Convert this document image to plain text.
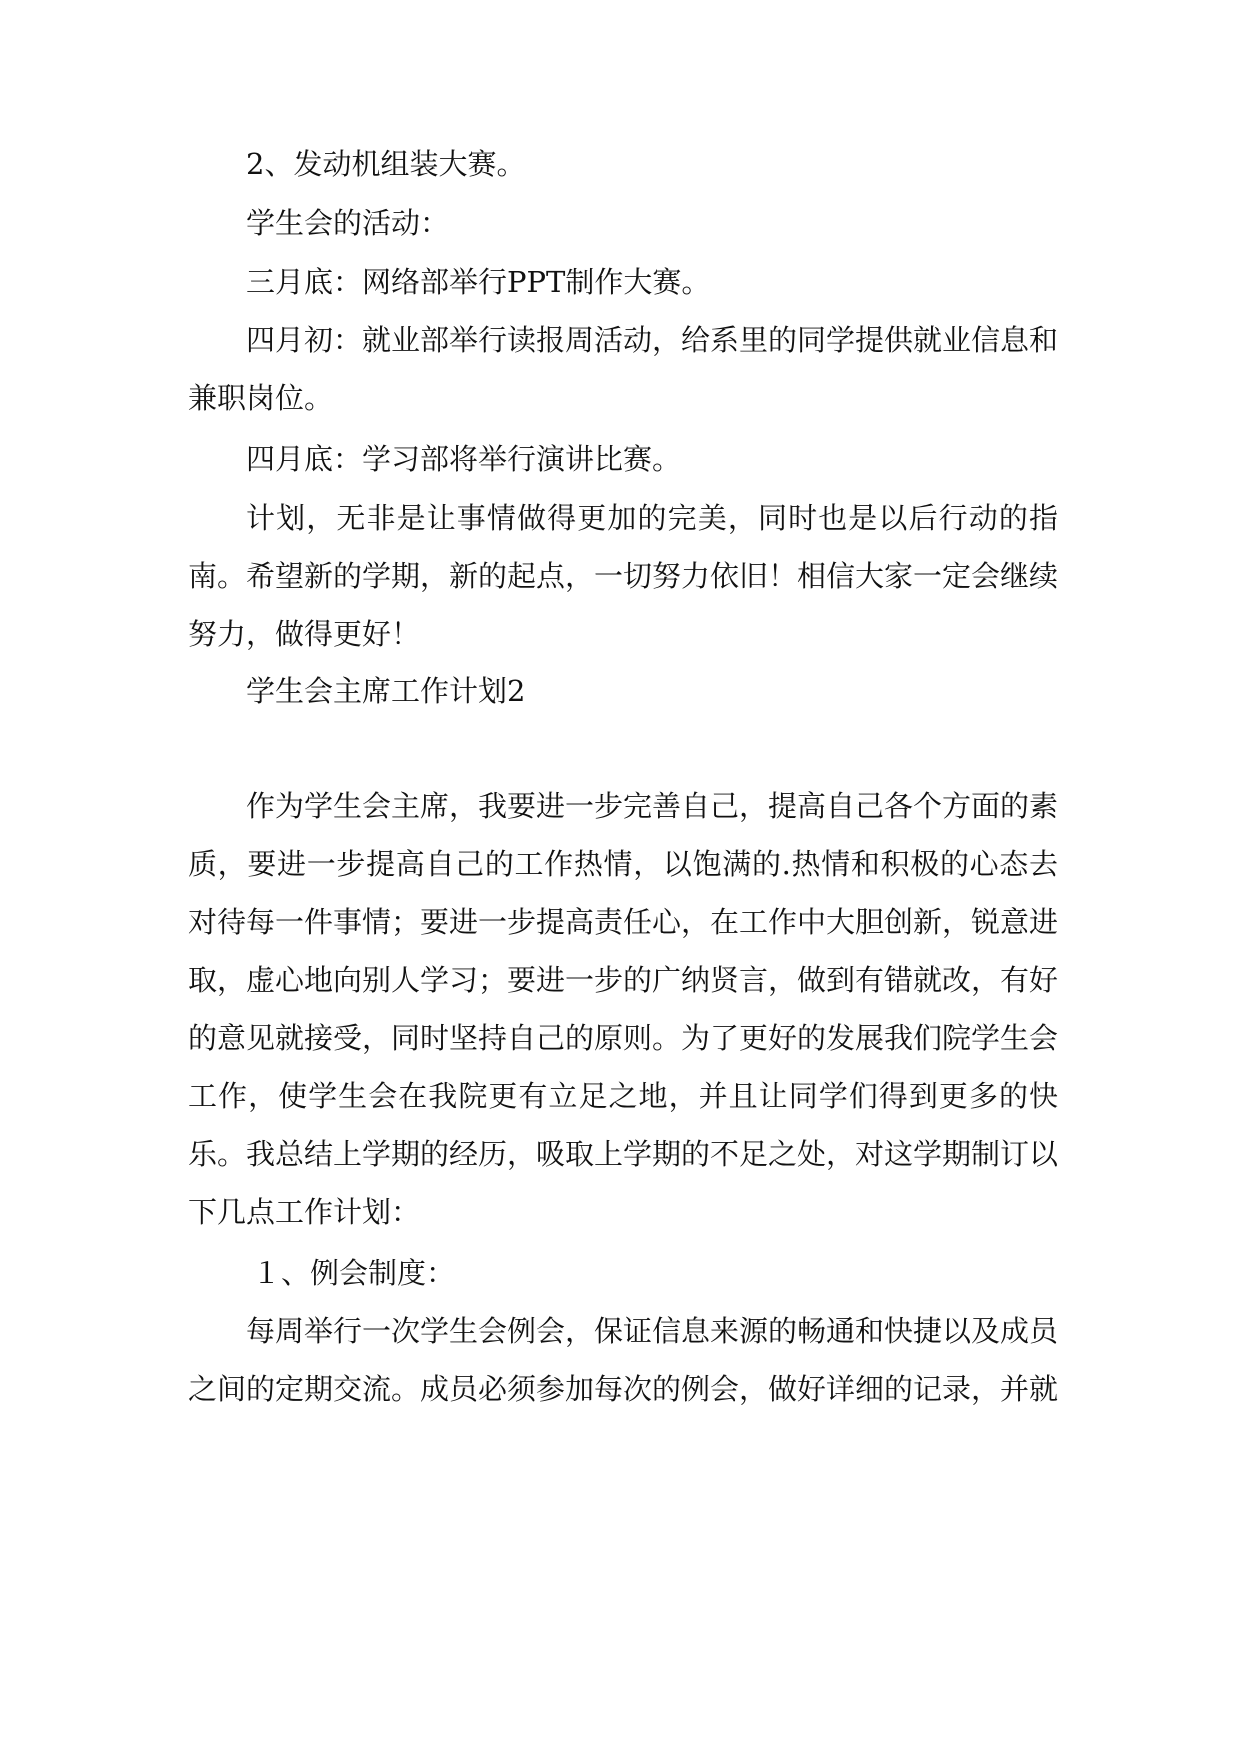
2、发动机组装大赛。

学生会的活动：

三月底：网络部举行PPT制作大赛。

四月初：就业部举行读报周活动，给系里的同学提供就业信息和兼职岗位。

四月底：学习部将举行演讲比赛。

计划，无非是让事情做得更加的完美，同时也是以后行动的指南。希望新的学期，新的起点，一切努力依旧！相信大家一定会继续努力，做得更好！

学生会主席工作计划2

作为学生会主席，我要进一步完善自己，提高自己各个方面的素质，要进一步提高自己的工作热情，以饱满的.热情和积极的心态去对待每一件事情；要进一步提高责任心，在工作中大胆创新，锐意进取，虚心地向别人学习；要进一步的广纳贤言，做到有错就改，有好的意见就接受，同时坚持自己的原则。为了更好的发展我们院学生会工作，使学生会在我院更有立足之地，并且让同学们得到更多的快乐。我总结上学期的经历，吸取上学期的不足之处，对这学期制订以下几点工作计划：

１、例会制度：

每周举行一次学生会例会，保证信息来源的畅通和快捷以及成员之间的定期交流。成员必须参加每次的例会，做好详细的记录，并就
